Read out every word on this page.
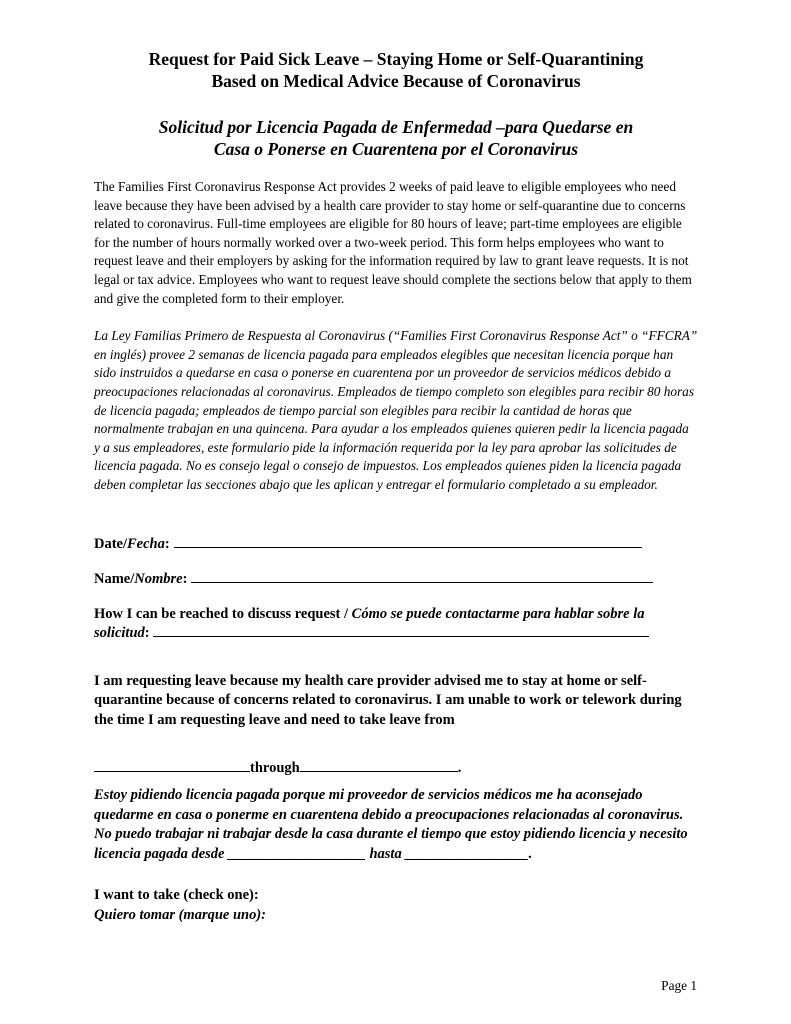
Request for Paid Sick Leave – Staying Home or Self-Quarantining
Based on Medical Advice Because of Coronavirus

Solicitud por Licencia Pagada de Enfermedad –para Quedarse en
Casa o Ponerse en Cuarentena por el Coronavirus

The Families First Coronavirus Response Act provides 2 weeks of paid leave to eligible employees who need leave because they have been advised by a health care provider to stay home or self-quarantine due to concerns related to coronavirus. Full-time employees are eligible for 80 hours of leave; part-time employees are eligible for the number of hours normally worked over a two-week period. This form helps employees who want to request leave and their employers by asking for the information required by law to grant leave requests. It is not legal or tax advice. Employees who want to request leave should complete the sections below that apply to them and give the completed form to their employer.

La Ley Familias Primero de Respuesta al Coronavirus (“Families First Coronavirus Response Act” o “FFCRA” en inglés) provee 2 semanas de licencia pagada para empleados elegibles que necesitan licencia porque han sido instruidos a quedarse en casa o ponerse en cuarentena por un proveedor de servicios médicos debido a preocupaciones relacionadas al coronavirus. Empleados de tiempo completo son elegibles para recibir 80 horas de licencia pagada; empleados de tiempo parcial son elegibles para recibir la cantidad de horas que normalmente trabajan en una quincena. Para ayudar a los empleados quienes quieren pedir la licencia pagada y a sus empleadores, este formulario pide la información requerida por la ley para aprobar las solicitudes de licencia pagada. No es consejo legal o consejo de impuestos. Los empleados quienes piden la licencia pagada deben completar las secciones abajo que les aplican y entregar el formulario completado a su empleador.

Date/Fecha:
Name/Nombre:
How I can be reached to discuss request / Cómo se puede contactarme para hablar sobre la solicitud:
I am requesting leave because my health care provider advised me to stay at home or self-quarantine because of concerns related to coronavirus. I am unable to work or telework during the time I am requesting leave and need to take leave from
through	.
Estoy pidiendo licencia pagada porque mi proveedor de servicios médicos me ha aconsejado quedarme en casa o ponerme en cuarentena debido a preocupaciones relacionadas al coronavirus. No puedo trabajar ni trabajar desde la casa durante el tiempo que estoy pidiendo licencia y necesito licencia pagada desde ___________________ hasta _________________.
I want to take (check one):
Quiero tomar (marque uno):
Page 1
